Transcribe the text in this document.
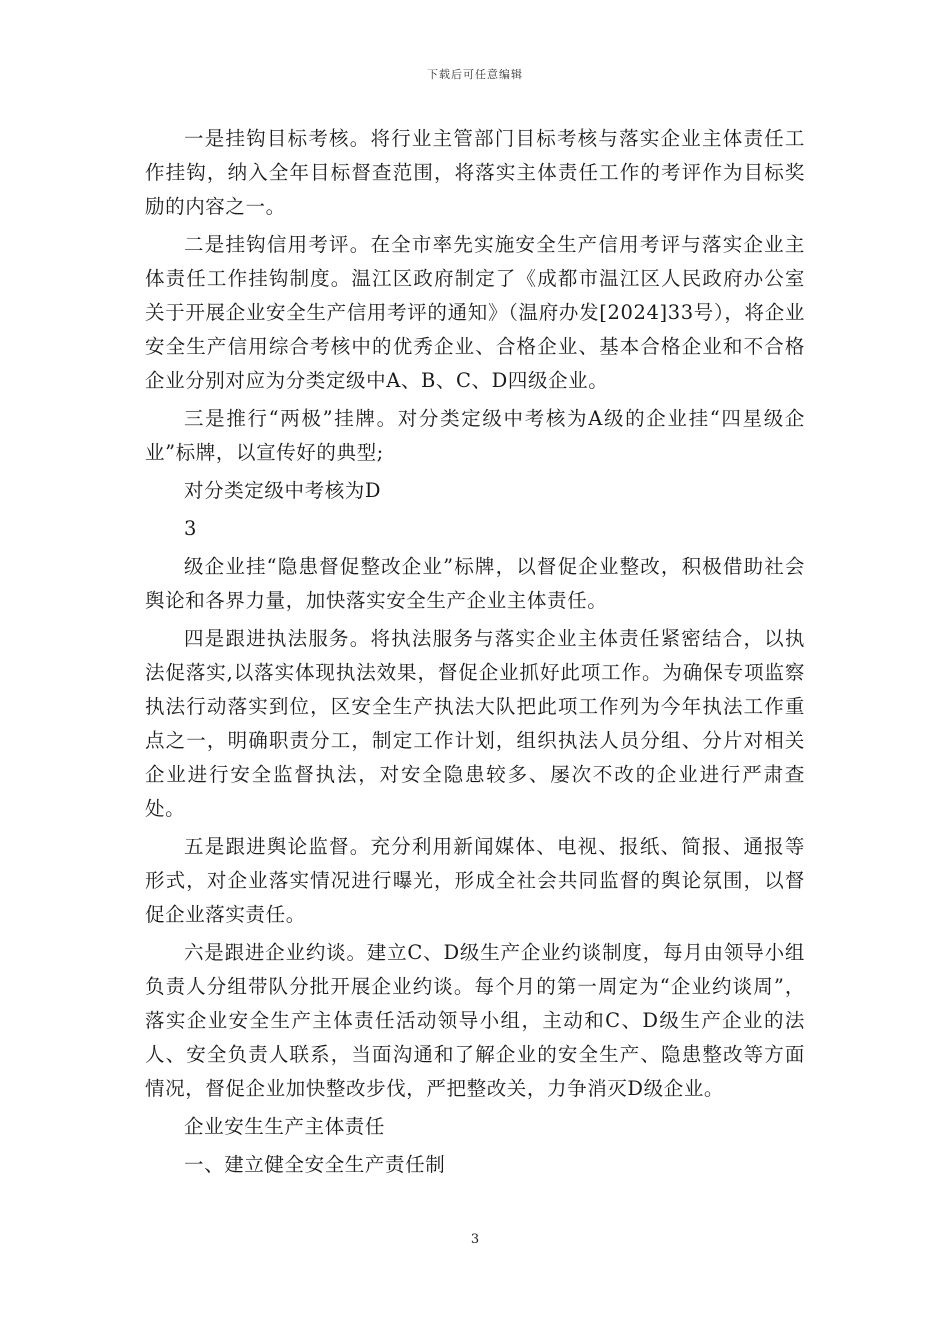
下载后可任意编辑

一是挂钩目标考核。将行业主管部门目标考核与落实企业主体责任工作挂钩，纳入全年目标督查范围，将落实主体责任工作的考评作为目标奖励的内容之一。

二是挂钩信用考评。在全市率先实施安全生产信用考评与落实企业主体责任工作挂钩制度。温江区政府制定了《成都市温江区人民政府办公室关于开展企业安全生产信用考评的通知》（温府办发[2024]33号），将企业安全生产信用综合考核中的优秀企业、合格企业、基本合格企业和不合格企业分别对应为分类定级中A、B、C、D四级企业。

三是推行“两极”挂牌。对分类定级中考核为A级的企业挂“四星级企业”标牌，以宣传好的典型;

对分类定级中考核为D

3

级企业挂“隐患督促整改企业”标牌，以督促企业整改，积极借助社会舆论和各界力量，加快落实安全生产企业主体责任。

四是跟进执法服务。将执法服务与落实企业主体责任紧密结合，以执法促落实,以落实体现执法效果，督促企业抓好此项工作。为确保专项监察执法行动落实到位，区安全生产执法大队把此项工作列为今年执法工作重点之一，明确职责分工，制定工作计划，组织执法人员分组、分片对相关企业进行安全监督执法，对安全隐患较多、屡次不改的企业进行严肃查处。

五是跟进舆论监督。充分利用新闻媒体、电视、报纸、简报、通报等形式，对企业落实情况进行曝光，形成全社会共同监督的舆论氛围，以督促企业落实责任。

六是跟进企业约谈。建立C、D级生产企业约谈制度，每月由领导小组负责人分组带队分批开展企业约谈。每个月的第一周定为“企业约谈周”，落实企业安全生产主体责任活动领导小组，主动和C、D级生产企业的法人、安全负责人联系，当面沟通和了解企业的安全生产、隐患整改等方面情况，督促企业加快整改步伐，严把整改关，力争消灭D级企业。

企业安生生产主体责任

一、建立健全安全生产责任制

3
